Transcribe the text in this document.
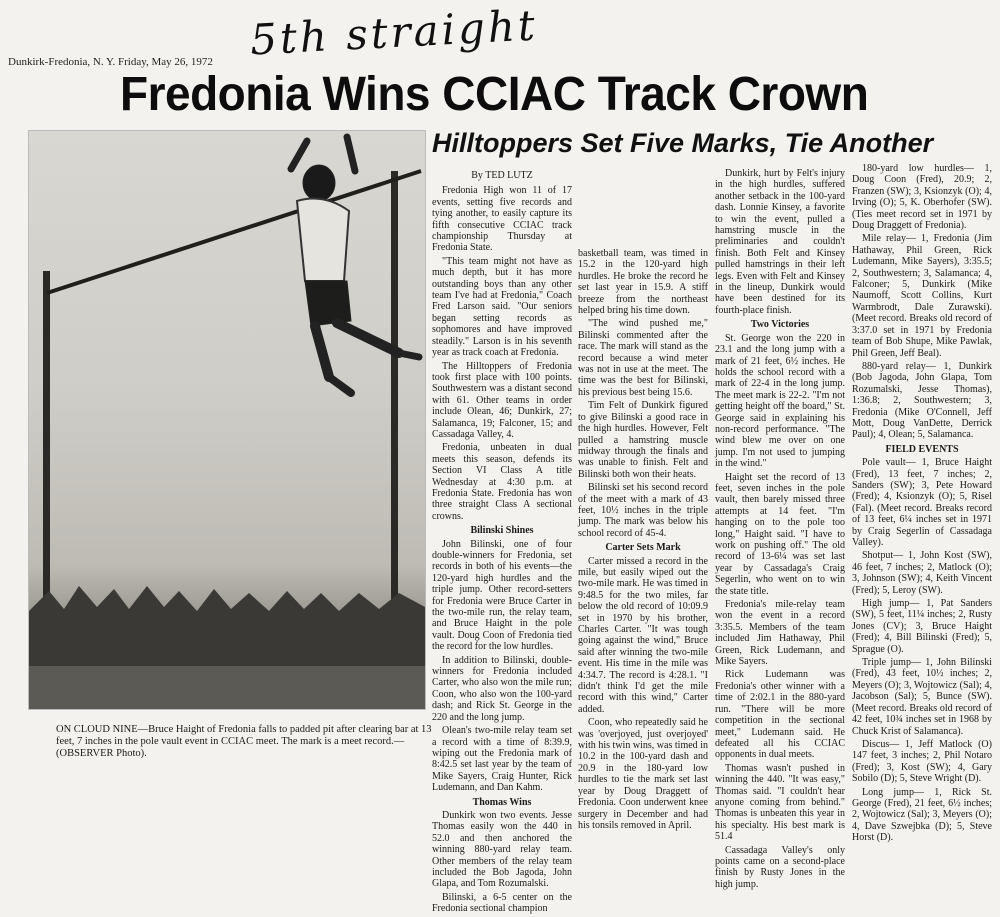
5th straight
Dunkirk-Fredonia, N. Y. Friday, May 26, 1972
Fredonia Wins CCIAC Track Crown
Hilltoppers Set Five Marks, Tie Another
ON CLOUD NINE—Bruce Haight of Fredonia falls to padded pit after clearing bar at 13 feet, 7 inches in the pole vault event in CCIAC meet. The mark is a meet record.—(OBSERVER Photo).

By TED LUTZ

Fredonia High won 11 of 17 events, setting five records and tying another, to easily capture its fifth consecutive CCIAC track championship Thursday at Fredonia State.

"This team might not have as much depth, but it has more outstanding boys than any other team I've had at Fredonia," Coach Fred Larson said. "Our seniors began setting records as sophomores and have improved steadily." Larson is in his seventh year as track coach at Fredonia.

The Hilltoppers of Fredonia took first place with 100 points. Southwestern was a distant second with 61. Other teams in order include Olean, 46; Dunkirk, 27; Salamanca, 19; Falconer, 15; and Cassadaga Valley, 4.

Fredonia, unbeaten in dual meets this season, defends its Section VI Class A title Wednesday at 4:30 p.m. at Fredonia State. Fredonia has won three straight Class A sectional crowns.

Bilinski Shines

John Bilinski, one of four double-winners for Fredonia, set records in both of his events—the 120-yard high hurdles and the triple jump. Other record-setters for Fredonia were Bruce Carter in the two-mile run, the relay team, and Bruce Haight in the pole vault. Doug Coon of Fredonia tied the record for the low hurdles.

In addition to Bilinski, double-winners for Fredonia included Carter, who also won the mile run; Coon, who also won the 100-yard dash; and Rick St. George in the 220 and the long jump.

Olean's two-mile relay team set a record with a time of 8:39.9, wiping out the Fredonia mark of 8:42.5 set last year by the team of Mike Sayers, Craig Hunter, Rick Ludemann, and Dan Kahm.

Thomas Wins

Dunkirk won two events. Jesse Thomas easily won the 440 in 52.0 and then anchored the winning 880-yard relay team. Other members of the relay team included the Bob Jagoda, John Glapa, and Tom Rozumalski.

Bilinski, a 6-5 center on the Fredonia sectional champion

basketball team, was timed in 15.2 in the 120-yard high hurdles. He broke the record he set last year in 15.9. A stiff breeze from the northeast helped bring his time down.

"The wind pushed me," Bilinski commented after the race. The mark will stand as the record because a wind meter was not in use at the meet. The time was the best for Bilinski, his previous best being 15.6.

Tim Felt of Dunkirk figured to give Bilinski a good race in the high hurdles. However, Felt pulled a hamstring muscle midway through the finals and was unable to finish. Felt and Bilinski both won their heats.

Bilinski set his second record of the meet with a mark of 43 feet, 10½ inches in the triple jump. The mark was below his school record of 45-4.

Carter Sets Mark

Carter missed a record in the mile, but easily wiped out the two-mile mark. He was timed in 9:48.5 for the two miles, far below the old record of 10:09.9 set in 1970 by his brother, Charles Carter. "It was tough going against the wind," Bruce said after winning the two-mile event. His time in the mile was 4:34.7. The record is 4:28.1. "I didn't think I'd get the mile record with this wind," Carter added.

Coon, who repeatedly said he was 'overjoyed, just overjoyed' with his twin wins, was timed in 10.2 in the 100-yard dash and 20.9 in the 180-yard low hurdles to tie the mark set last year by Doug Draggett of Fredonia. Coon underwent knee surgery in December and had his tonsils removed in April.

Dunkirk, hurt by Felt's injury in the high hurdles, suffered another setback in the 100-yard dash. Lonnie Kinsey, a favorite to win the event, pulled a hamstring muscle in the preliminaries and couldn't finish. Both Felt and Kinsey pulled hamstrings in their left legs. Even with Felt and Kinsey in the lineup, Dunkirk would have been destined for its fourth-place finish.

Two Victories

St. George won the 220 in 23.1 and the long jump with a mark of 21 feet, 6½ inches. He holds the school record with a mark of 22-4 in the long jump. The meet mark is 22-2. "I'm not getting height off the board," St. George said in explaining his non-record performance. "The wind blew me over on one jump. I'm not used to jumping in the wind."

Haight set the record of 13 feet, seven inches in the pole vault, then barely missed three attempts at 14 feet. "I'm hanging on to the pole too long," Haight said. "I have to work on pushing off." The old record of 13-6¼ was set last year by Cassadaga's Craig Segerlin, who went on to win the state title.

Fredonia's mile-relay team won the event in a record 3:35.5. Members of the team included Jim Hathaway, Phil Green, Rick Ludemann, and Mike Sayers.

Rick Ludemann was Fredonia's other winner with a time of 2:02.1 in the 880-yard run. "There will be more competition in the sectional meet," Ludemann said. He defeated all his CCIAC opponents in dual meets.

Thomas wasn't pushed in winning the 440. "It was easy," Thomas said. "I couldn't hear anyone coming from behind." Thomas is unbeaten this year in his specialty. His best mark is 51.4

Cassadaga Valley's only points came on a second-place finish by Rusty Jones in the high jump.

180-yard low hurdles— 1, Doug Coon (Fred), 20.9; 2, Franzen (SW); 3, Ksionzyk (O); 4, Irving (O); 5, K. Oberhofer (SW). (Ties meet record set in 1971 by Doug Draggett of Fredonia).

Mile relay— 1, Fredonia (Jim Hathaway, Phil Green, Rick Ludemann, Mike Sayers), 3:35.5; 2, Southwestern; 3, Salamanca; 4, Falconer; 5, Dunkirk (Mike Naumoff, Scott Collins, Kurt Warmbrodt, Dale Zurawski). (Meet record. Breaks old record of 3:37.0 set in 1971 by Fredonia team of Bob Shupe, Mike Pawlak, Phil Green, Jeff Beal).

880-yard relay— 1, Dunkirk (Bob Jagoda, John Glapa, Tom Rozumalski, Jesse Thomas), 1:36.8; 2, Southwestern; 3, Fredonia (Mike O'Connell, Jeff Mott, Doug VanDette, Derrick Paul); 4, Olean; 5, Salamanca.

FIELD EVENTS

Pole vault— 1, Bruce Haight (Fred), 13 feet, 7 inches; 2, Sanders (SW); 3, Pete Howard (Fred); 4, Ksionzyk (O); 5, Risel (Fal). (Meet record. Breaks record of 13 feet, 6¼ inches set in 1971 by Craig Segerlin of Cassadaga Valley).

Shotput— 1, John Kost (SW), 46 feet, 7 inches; 2, Matlock (O); 3, Johnson (SW); 4, Keith Vincent (Fred); 5, Leroy (SW).

High jump— 1, Pat Sanders (SW), 5 feet, 11¼ inches; 2, Rusty Jones (CV); 3, Bruce Haight (Fred); 4, Bill Bilinski (Fred); 5, Sprague (O).

Triple jump— 1, John Bilinski (Fred), 43 feet, 10½ inches; 2, Meyers (O); 3, Wojtowicz (Sal); 4, Jacobson (Sal); 5, Bunce (SW). (Meet record. Breaks old record of 42 feet, 10¾ inches set in 1968 by Chuck Krist of Salamanca).

Discus— 1, Jeff Matlock (O) 147 feet, 3 inches; 2, Phil Notaro (Fred); 3, Kost (SW); 4, Gary Sobilo (D); 5, Steve Wright (D).

Long jump— 1, Rick St. George (Fred), 21 feet, 6½ inches; 2, Wojtowicz (Sal); 3, Meyers (O); 4, Dave Szwejbka (D); 5, Steve Horst (D).
